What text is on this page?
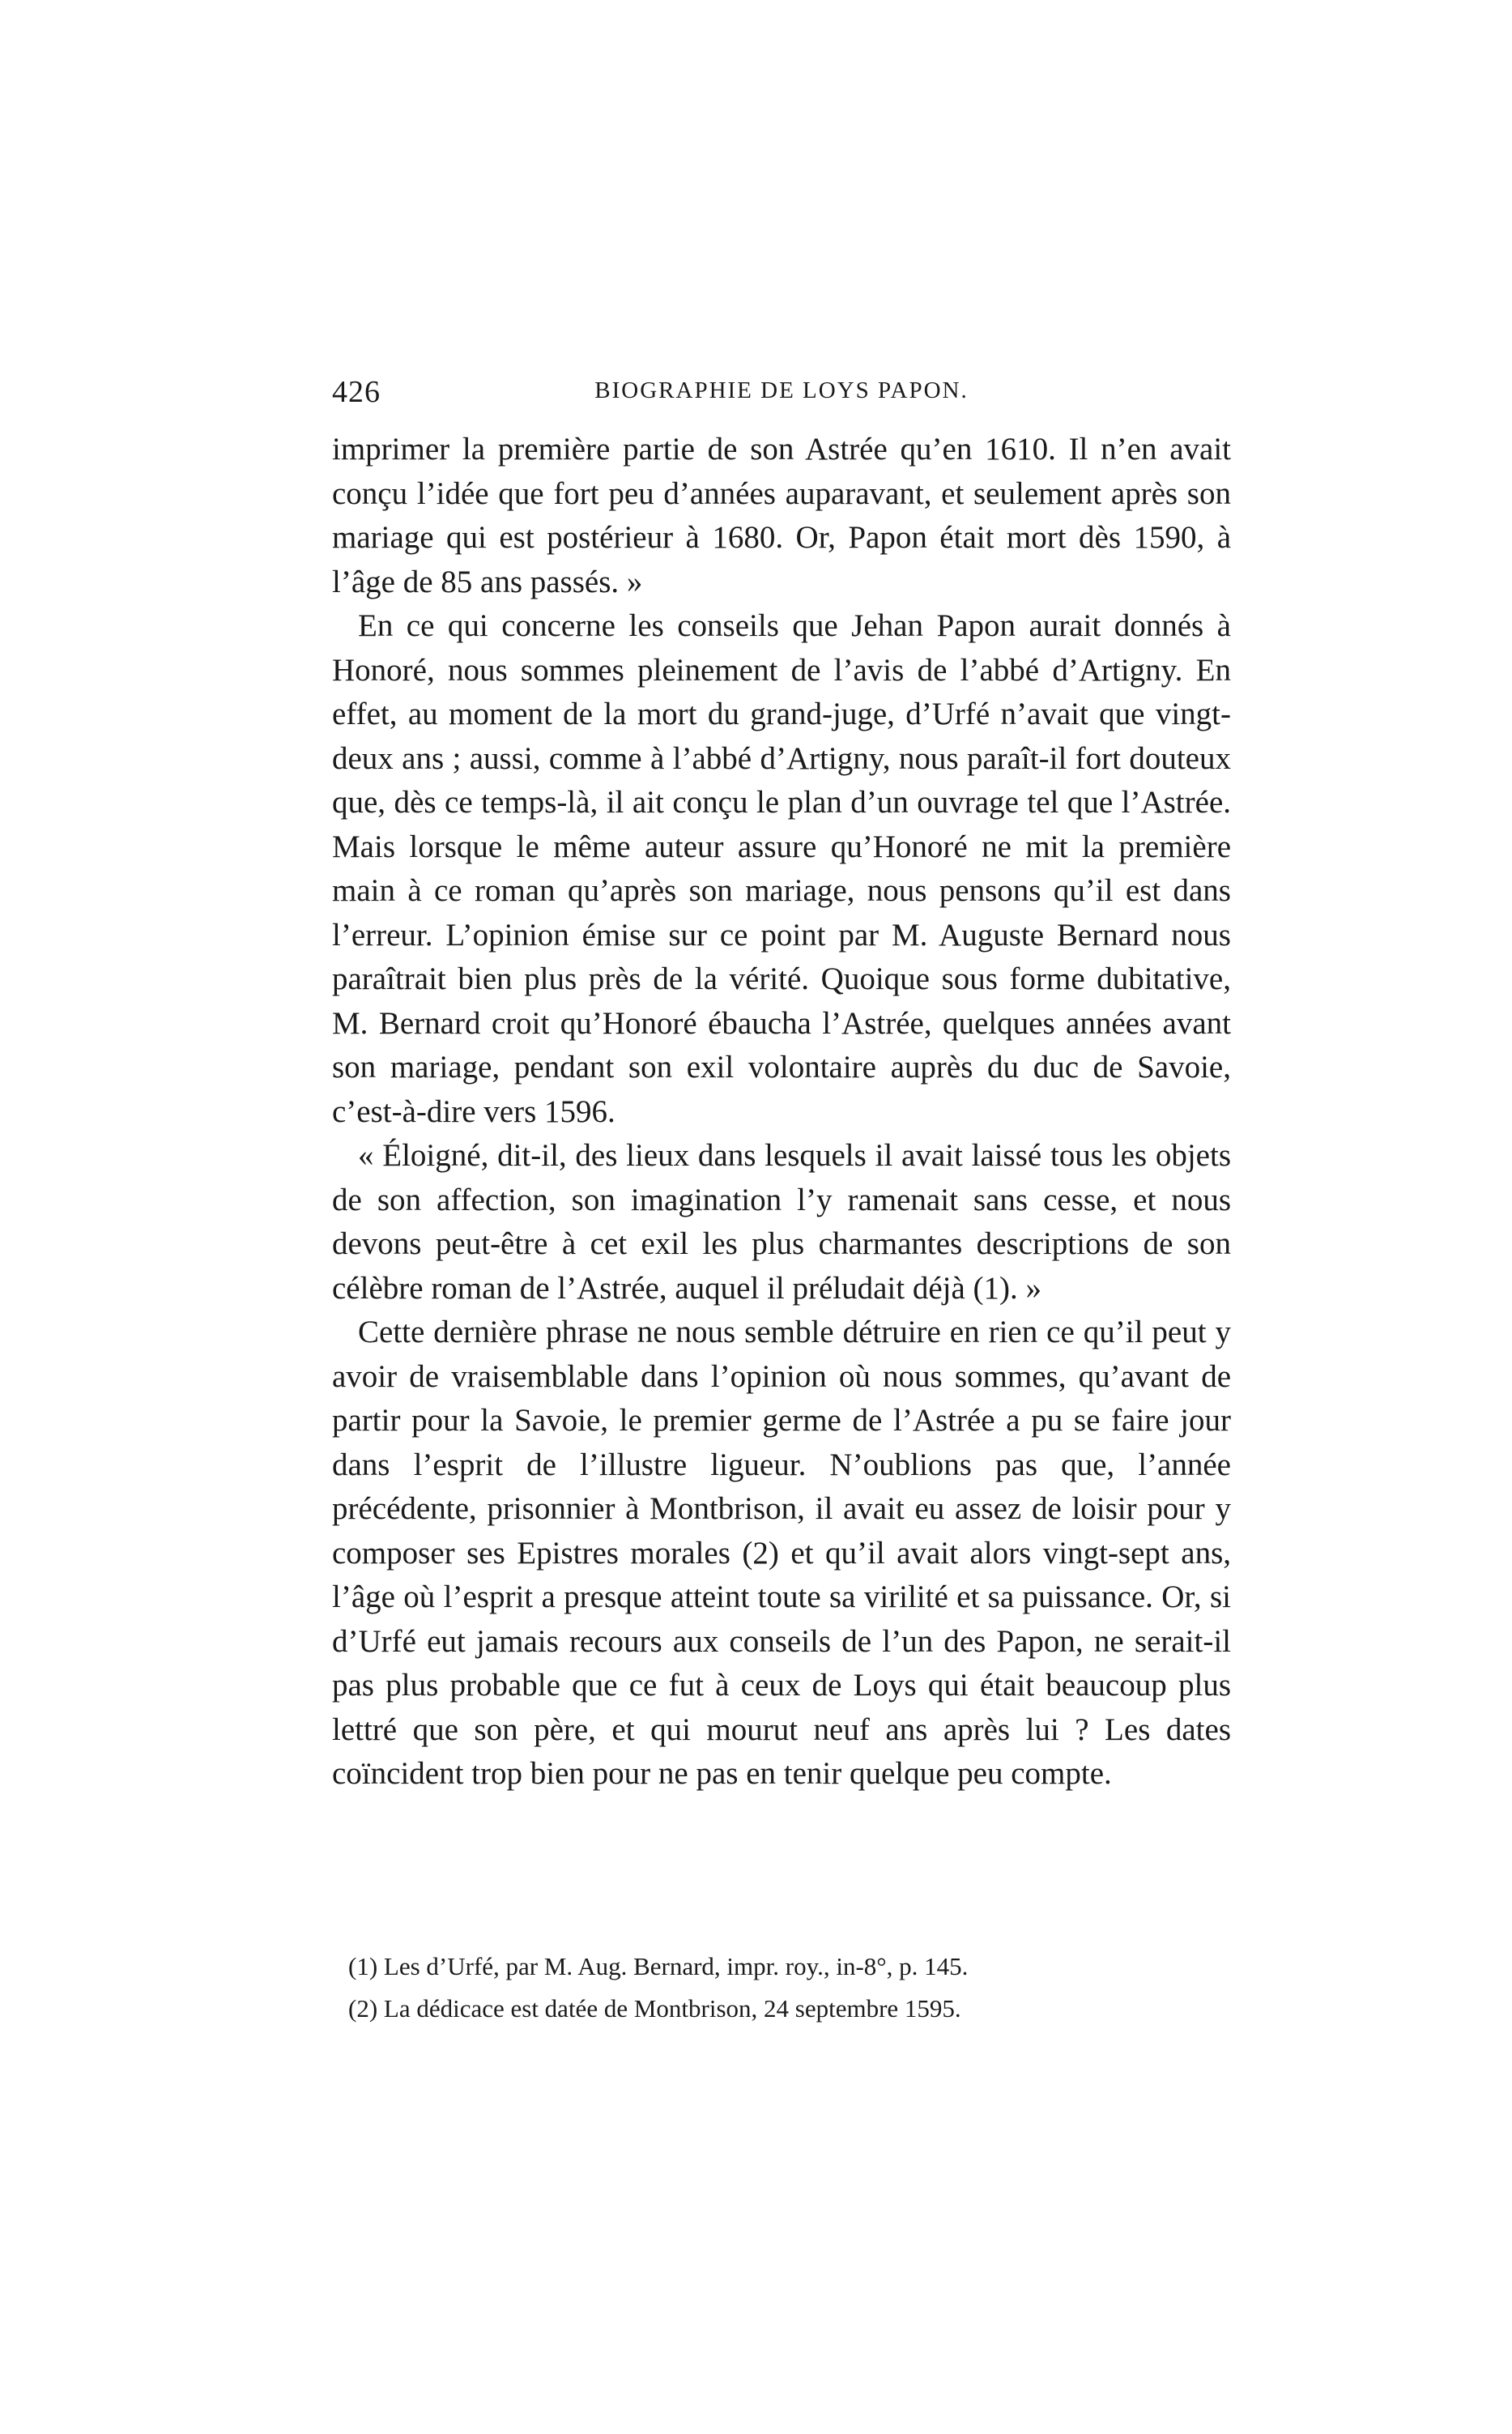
426	BIOGRAPHIE DE LOYS PAPON.

imprimer la première partie de son Astrée qu’en 1610. Il n’en avait conçu l’idée que fort peu d’années auparavant, et seulement après son mariage qui est postérieur à 1680. Or, Papon était mort dès 1590, à l’âge de 85 ans passés. »

En ce qui concerne les conseils que Jehan Papon aurait donnés à Honoré, nous sommes pleinement de l’avis de l’abbé d’Artigny. En effet, au moment de la mort du grand-juge, d’Urfé n’avait que vingt-deux ans ; aussi, comme à l’abbé d’Artigny, nous paraît-il fort douteux que, dès ce temps-là, il ait conçu le plan d’un ouvrage tel que l’Astrée. Mais lorsque le même auteur assure qu’Honoré ne mit la première main à ce roman qu’après son mariage, nous pensons qu’il est dans l’erreur. L’opinion émise sur ce point par M. Auguste Bernard nous paraîtrait bien plus près de la vérité. Quoique sous forme dubitative, M. Bernard croit qu’Honoré ébaucha l’Astrée, quelques années avant son mariage, pendant son exil volontaire auprès du duc de Savoie, c’est-à-dire vers 1596.

« Éloigné, dit-il, des lieux dans lesquels il avait laissé tous les objets de son affection, son imagination l’y ramenait sans cesse, et nous devons peut-être à cet exil les plus charmantes descriptions de son célèbre roman de l’Astrée, auquel il préludait déjà (1). »

Cette dernière phrase ne nous semble détruire en rien ce qu’il peut y avoir de vraisemblable dans l’opinion où nous sommes, qu’avant de partir pour la Savoie, le premier germe de l’Astrée a pu se faire jour dans l’esprit de l’illustre ligueur. N’oublions pas que, l’année précédente, prisonnier à Montbrison, il avait eu assez de loisir pour y composer ses Epistres morales (2) et qu’il avait alors vingt-sept ans, l’âge où l’esprit a presque atteint toute sa virilité et sa puissance. Or, si d’Urfé eut jamais recours aux conseils de l’un des Papon, ne serait-il pas plus probable que ce fut à ceux de Loys qui était beaucoup plus lettré que son père, et qui mourut neuf ans après lui ? Les dates coïncident trop bien pour ne pas en tenir quelque peu compte.

(1) Les d’Urfé, par M. Aug. Bernard, impr. roy., in-8°, p. 145.

(2) La dédicace est datée de Montbrison, 24 septembre 1595.
